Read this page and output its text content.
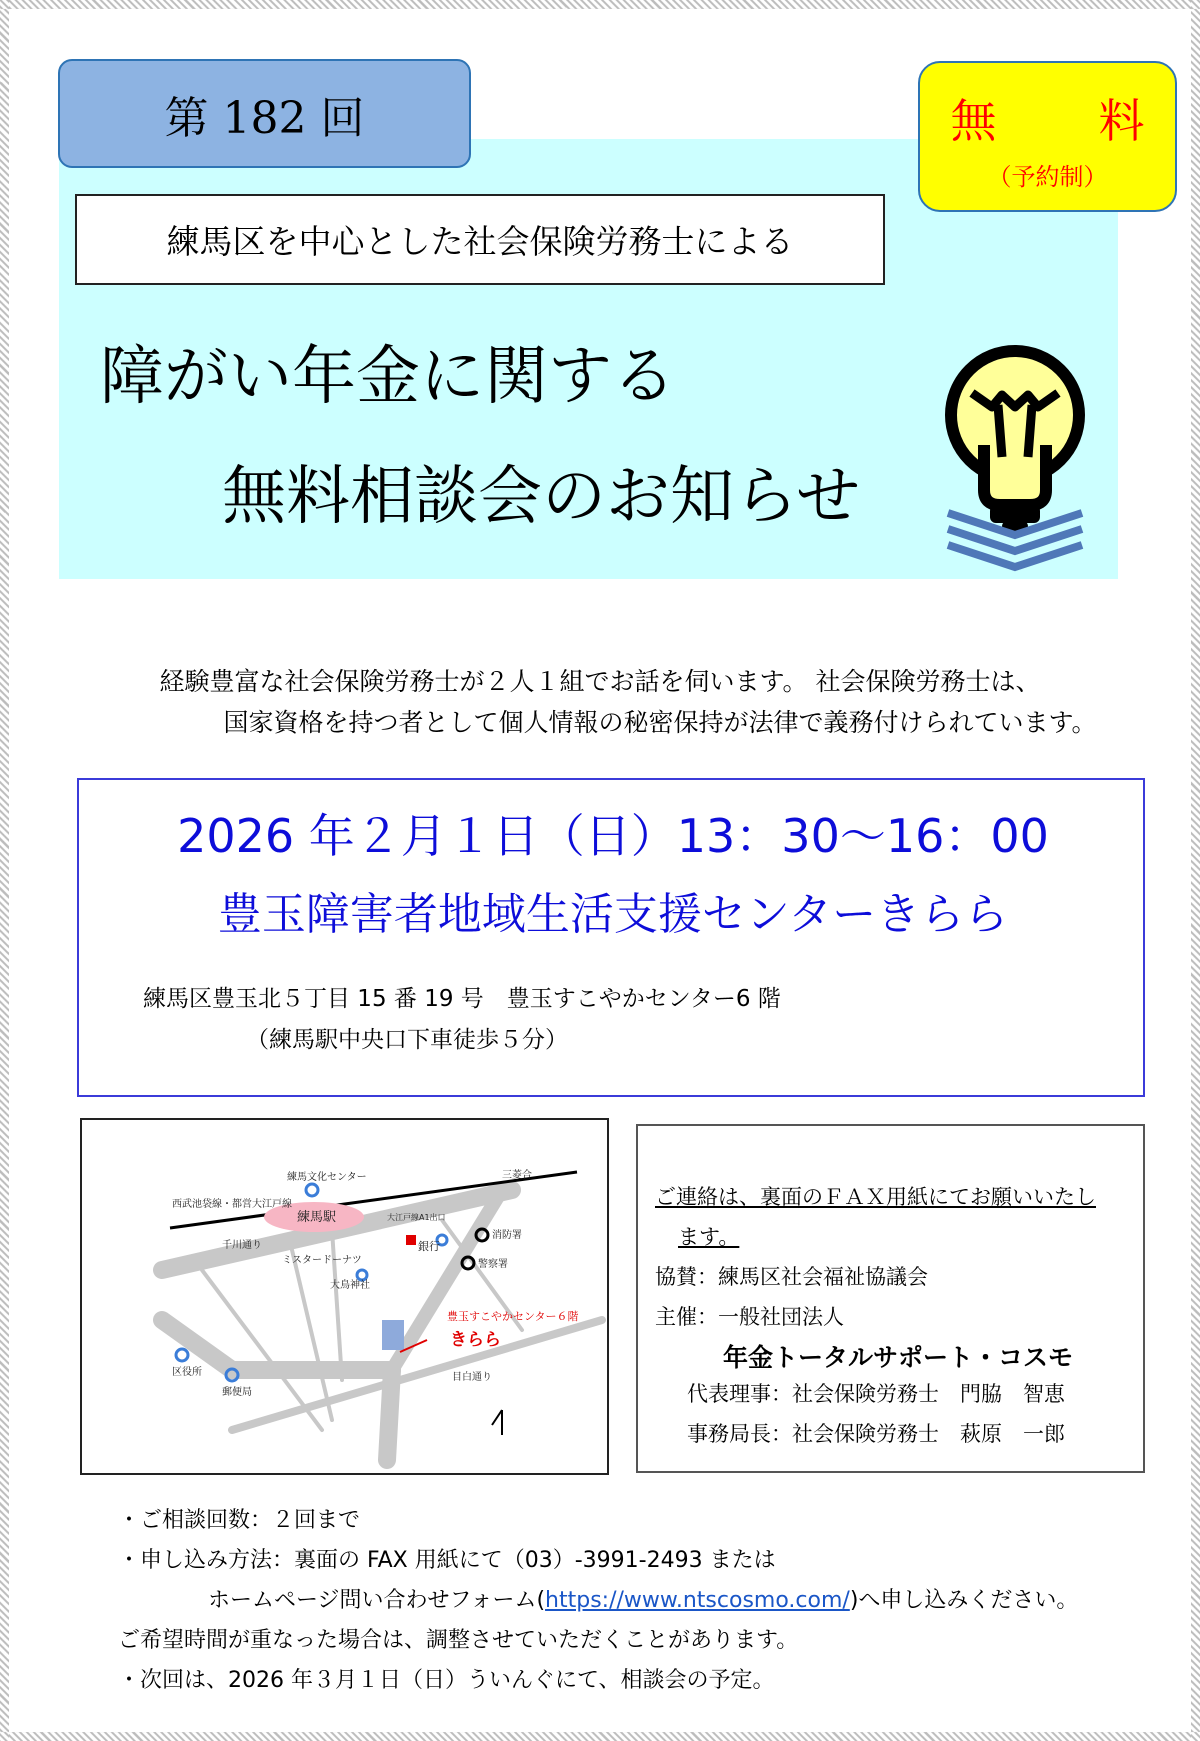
第 182 回	無　料
（予約制）
練馬区を中心とした社会保険労務士による
障がい年金に関する
無料相談会のお知らせ
経験豊富な社会保険労務士が２人１組でお話を伺います。 社会保険労務士は、
国家資格を持つ者として個人情報の秘密保持が法律で義務付けられています。
2026 年２月１日（日）13：30〜16：00
豊玉障害者地域生活支援センターきらら
練馬区豊玉北５丁目 15 番 19 号　豊玉すこやかセンター6 階
（練馬駅中央口下車徒歩５分）
練馬文化センター	三菱合
西武池袋線・都営大江戸線
練馬駅	大江戸線A1出口
銀行
消防署
警察署
千川通り
ミスタードーナツ
大鳥神社
豊玉すこやかセンター６階
きらら
区役所
郵便局
目白通り
ご連絡は、裏面のＦＡＸ用紙にてお願いいたし
ます。
協賛：練馬区社会福祉協議会
主催：一般社団法人
年金トータルサポート・コスモ
代表理事：社会保険労務士　門脇　智恵
事務局長：社会保険労務士　萩原　一郎
・ご相談回数：２回まで
・申し込み方法：裏面の FAX 用紙にて（03）-3991-2493 または
ホームページ問い合わせフォーム(https://www.ntscosmo.com/)へ申し込みください。
ご希望時間が重なった場合は、調整させていただくことがあります。
・次回は、2026 年３月１日（日）ういんぐにて、相談会の予定。
